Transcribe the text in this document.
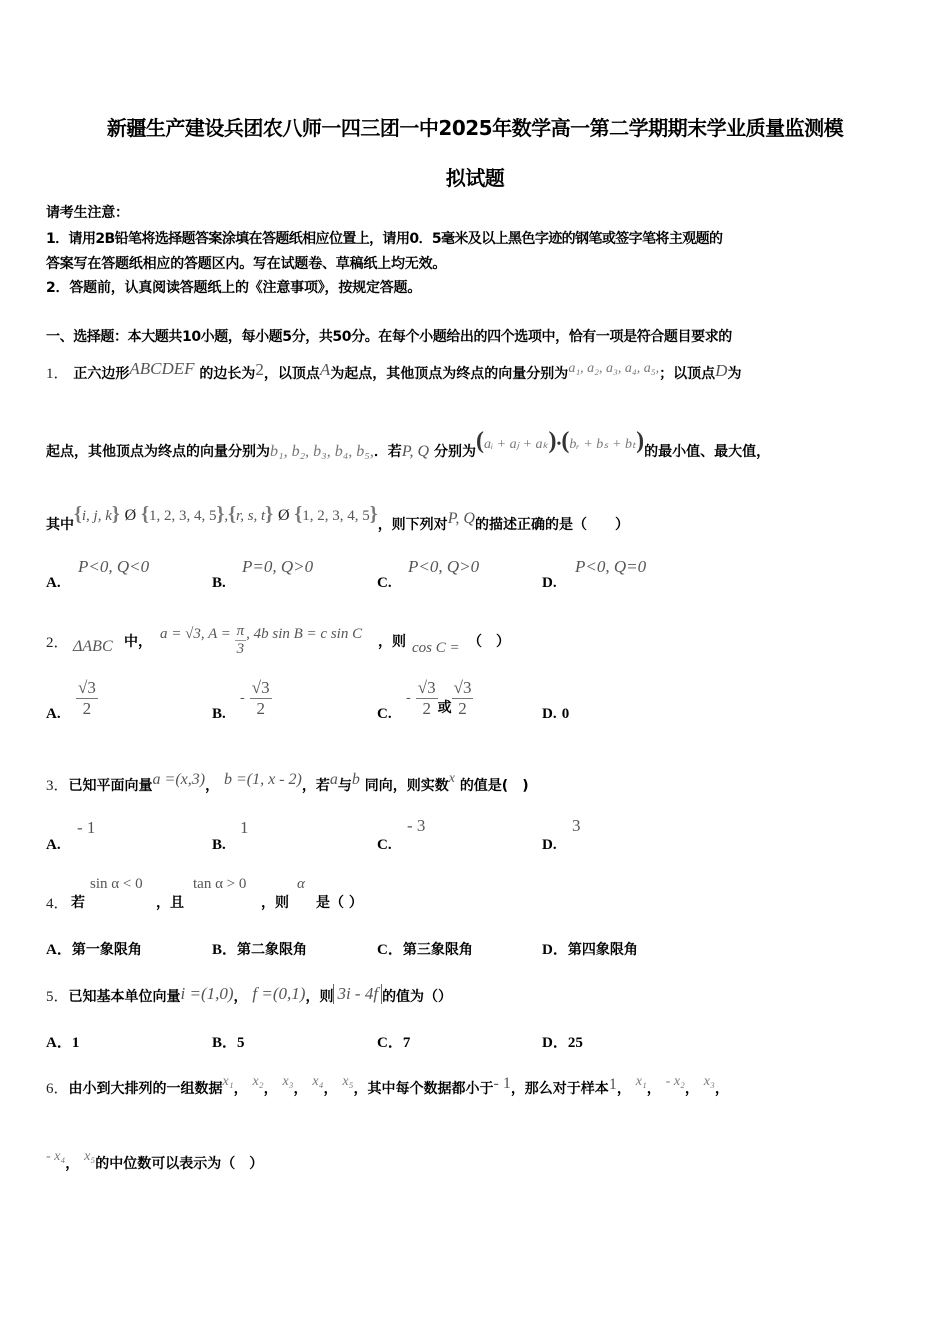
新疆生产建设兵团农八师一四三团一中2025年数学高一第二学期期末学业质量监测模
拟试题
请考生注意：
1．请用2B铅笔将选择题答案涂填在答题纸相应位置上，请用0．5毫米及以上黑色字迹的钢笔或签字笔将主观题的
答案写在答题纸相应的答题区内。写在试题卷、草稿纸上均无效。
2．答题前，认真阅读答题纸上的《注意事项》，按规定答题。
一、选择题：本大题共10小题，每小题5分，共50分。在每个小题给出的四个选项中，恰有一项是符合题目要求的
1． 正六边形ABCDEF 的边长为2，以顶点A为起点，其他顶点为终点的向量分别为a₁, a₂, a₃, a₄, a₅,；以顶点D为
起点，其他顶点为终点的向量分别为b₁, b₂, b₃, b₄, b₅,．若P, Q 分别为(aᵢ + aⱼ + aₖ)•(bᵣ + bₛ + bₜ)的最小值、最大值，
其中{i, j, k} Ø {1, 2, 3, 4, 5},{r, s, t} Ø {1, 2, 3, 4, 5}，则下列对P, Q的描述正确的是（　　）
A.
P<0, Q<0
B.
P=0, Q>0
C.
P<0, Q>0
D.
P<0, Q=0
2． ΔABC 中，
a = √3, $A = \frac{\pi}{3}$ , 4b sin B = c sin C
，则 cos C = （　）
A. $\frac{√3}{2}$	B.
- $\frac{√3}{2}$	C.
- $\frac{√3}{2}$ 或 $\frac{√3}{2}$	D. 0
3．已知平面向量a =(x,3)， b =(1, x - 2)，若a与b 同向，则实数x 的值是(　)
A.
- 1
B.
1
C.
- 3
D.
3
4． 若
sin α < 0
，且
tan α > 0
，则
α
是（ ）
A．第一象限角	B．第二象限角	C．第三象限角	D．第四象限角
5．已知基本单位向量i =(1,0)， f =(0,1)，则 3i - 4f 的值为（）
A．1	B．5	C．7	D．25
6．由小到大排列的一组数据x₁， x₂， x₃， x₄， x₅，其中每个数据都小于- 1，那么对于样本1， x₁， - x₂， x₃，
- x₄， x₅的中位数可以表示为（　）
